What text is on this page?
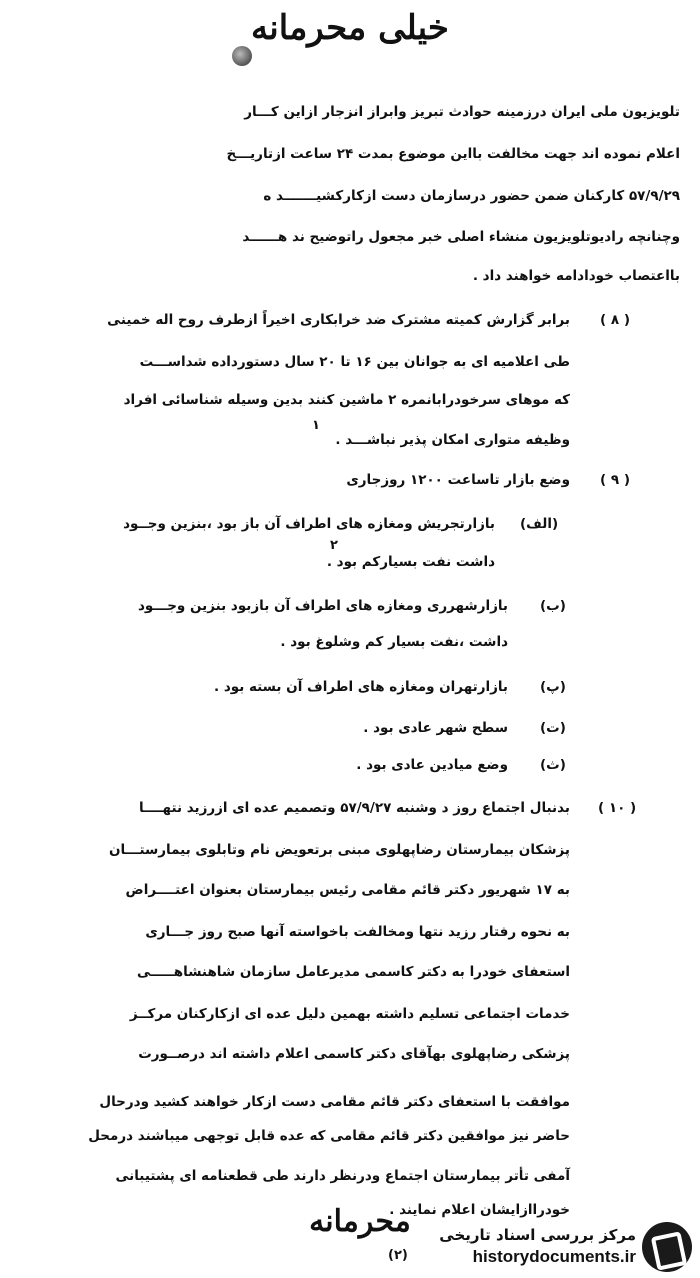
خیلی محرمانه
تلویزیون ملی ایران درزمینه حوادث تبریز وابراز انزجار ازاین کـــار
اعلام نموده اند جهت مخالفت بااین موضوع بمدت ۲۴ ساعت ازتاریـــخ
۵۷/۹/۲۹ کارکنان ضمن حضور درسازمان دست ازکارکشیـــــــد ه
وچنانچه رادیوتلویزیون منشاء اصلی خبر مجعول راتوضیح ند هــــــد
بااعتصاب خودادامه خواهند داد .
( ۸ )
برابر گزارش کمیته مشترک ضد خرابکاری اخیراً ازطرف روح اله خمینی
طی اعلامیه ای به جوانان بین ۱۶ تا ۲۰ سال دستورداده شداســـت
که موهای سرخودرابانمره ۲ ماشین کنند بدین وسیله شناسائی افراد
۱
وظیفه متواری امکان پذیر نباشـــد .
( ۹ )
وضع بازار تاساعت ۱۲۰۰ روزجاری
(الف)
بازارتجریش ومغازه های اطراف آن باز بود ،بنزین وجــود
۲
داشت نفت بسیارکم بود .
(ب)
بازارشهرری ومغازه های اطراف آن بازبود بنزین وجـــود
داشت ،نفت بسیار کم وشلوغ بود .
(پ)
بازارتهران ومغازه های اطراف آن بسته بود .
(ت)
سطح شهر عادی بود .
(ث)
وضع میادین عادی بود .
( ۱۰ )
بدنبال اجتماع روز د وشنبه ۵۷/۹/۲۷ وتصمیم عده ای ازرزید نتهــــا
پزشکان بیمارستان رضاپهلوی مبنی برتعویض نام وتابلوی بیمارستـــان
به ۱۷ شهریور دکتر قائم مقامی رئیس بیمارستان بعنوان اعتــــراض
به نحوه رفتار رزید نتها ومخالفت باخواسته آنها صبح روز جـــاری
استعفای خودرا به دکتر کاسمی مدیرعامل سازمان شاهنشاهـــــی
خدمات اجتماعی تسلیم داشته بهمین دلیل عده ای ازکارکنان مرکــز
پزشکی رضاپهلوی بهآقای دکتر کاسمی اعلام داشته اند درصــورت
موافقت با استعفای دکتر قائم مقامی دست ازکار خواهند کشید ودرحال
حاضر نیز موافقین دکتر قائم مقامی که عده قابل توجهی میباشند درمحل
آمفی تأتر بیمارستان اجتماع ودرنظر دارند طی قطعنامه ای پشتیبانی
خودراازایشان اعلام نمایند .
محرمانه
(۲)
مرکز بررسی اسناد تاریخی
historydocuments.ir
